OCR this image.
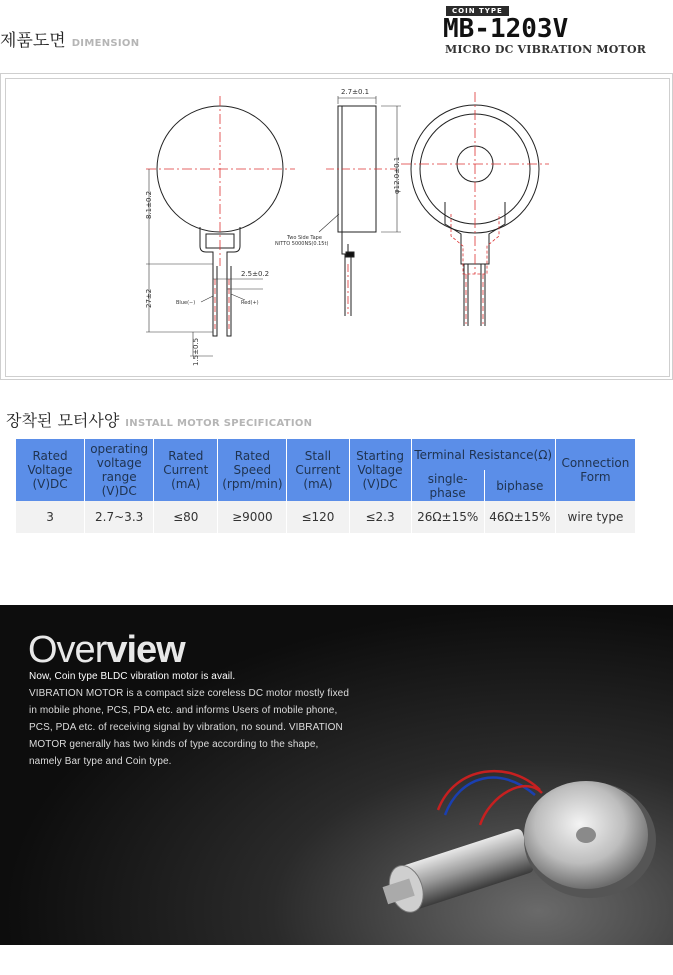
제품도면 DIMENSION
COIN TYPE
MB-1203V
MICRO DC VIBRATION MOTOR
8.1±0.2
27±2
1.5±0.5
2.5±0.2
Blue(−)	Red(+)
2.7±0.1
φ12.0±0.1
Two Side Tape
NITTO 5000NS(0.15t)
장착된 모터사양 INSTALL MOTOR SPECIFICATION
Rated Voltage (V)DC	operating voltage range (V)DC	Rated Current (mA)	Rated Speed (rpm/min)	Stall Current (mA)	Starting Voltage (V)DC	Terminal Resistance(Ω)		Connection Form
						single-phase	biphase	
3	2.7~3.3	≤80	≥9000	≤120	≤2.3	26Ω±15%	46Ω±15%	wire type
Overview
Now, Coin type BLDC vibration motor is avail.
VIBRATION MOTOR is a compact size coreless DC motor mostly fixed
in mobile phone, PCS, PDA etc. and informs Users of mobile phone,
PCS, PDA etc. of receiving signal by vibration, no sound. VIBRATION
MOTOR generally has two kinds of type according to the shape,
namely Bar type and Coin type.
